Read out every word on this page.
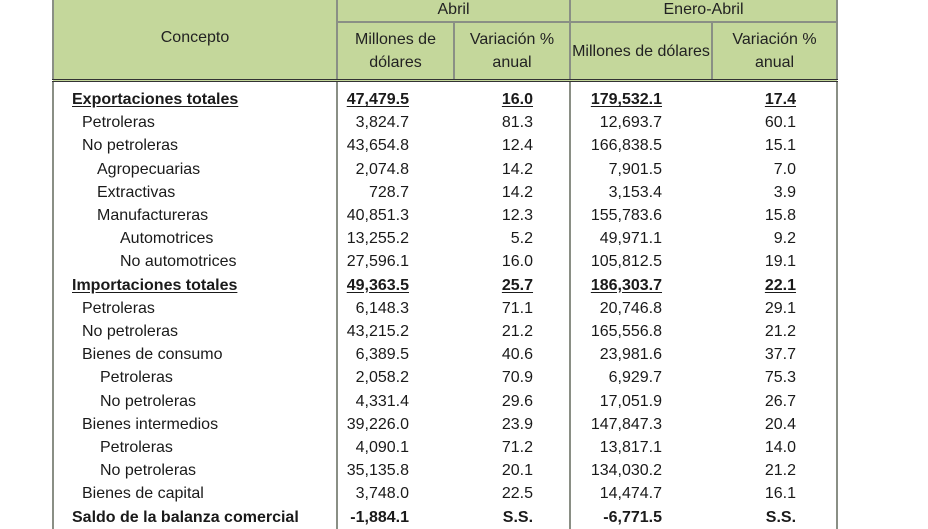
Concepto	Abril		Enero-Abril	
	Millones de dólares	Variación % anual	Millones de dólares	Variación % anual
Exportaciones totales	47,479.5	16.0	179,532.1	17.4
Petroleras	3,824.7	81.3	12,693.7	60.1
No petroleras	43,654.8	12.4	166,838.5	15.1
Agropecuarias	2,074.8	14.2	7,901.5	7.0
Extractivas	728.7	14.2	3,153.4	3.9
Manufactureras	40,851.3	12.3	155,783.6	15.8
Automotrices	13,255.2	5.2	49,971.1	9.2
No automotrices	27,596.1	16.0	105,812.5	19.1
Importaciones totales	49,363.5	25.7	186,303.7	22.1
Petroleras	6,148.3	71.1	20,746.8	29.1
No petroleras	43,215.2	21.2	165,556.8	21.2
Bienes de consumo	6,389.5	40.6	23,981.6	37.7
Petroleras	2,058.2	70.9	6,929.7	75.3
No petroleras	4,331.4	29.6	17,051.9	26.7
Bienes intermedios	39,226.0	23.9	147,847.3	20.4
Petroleras	4,090.1	71.2	13,817.1	14.0
No petroleras	35,135.8	20.1	134,030.2	21.2
Bienes de capital	3,748.0	22.5	14,474.7	16.1
Saldo de la balanza comercial	-1,884.1	S.S.	-6,771.5	S.S.
